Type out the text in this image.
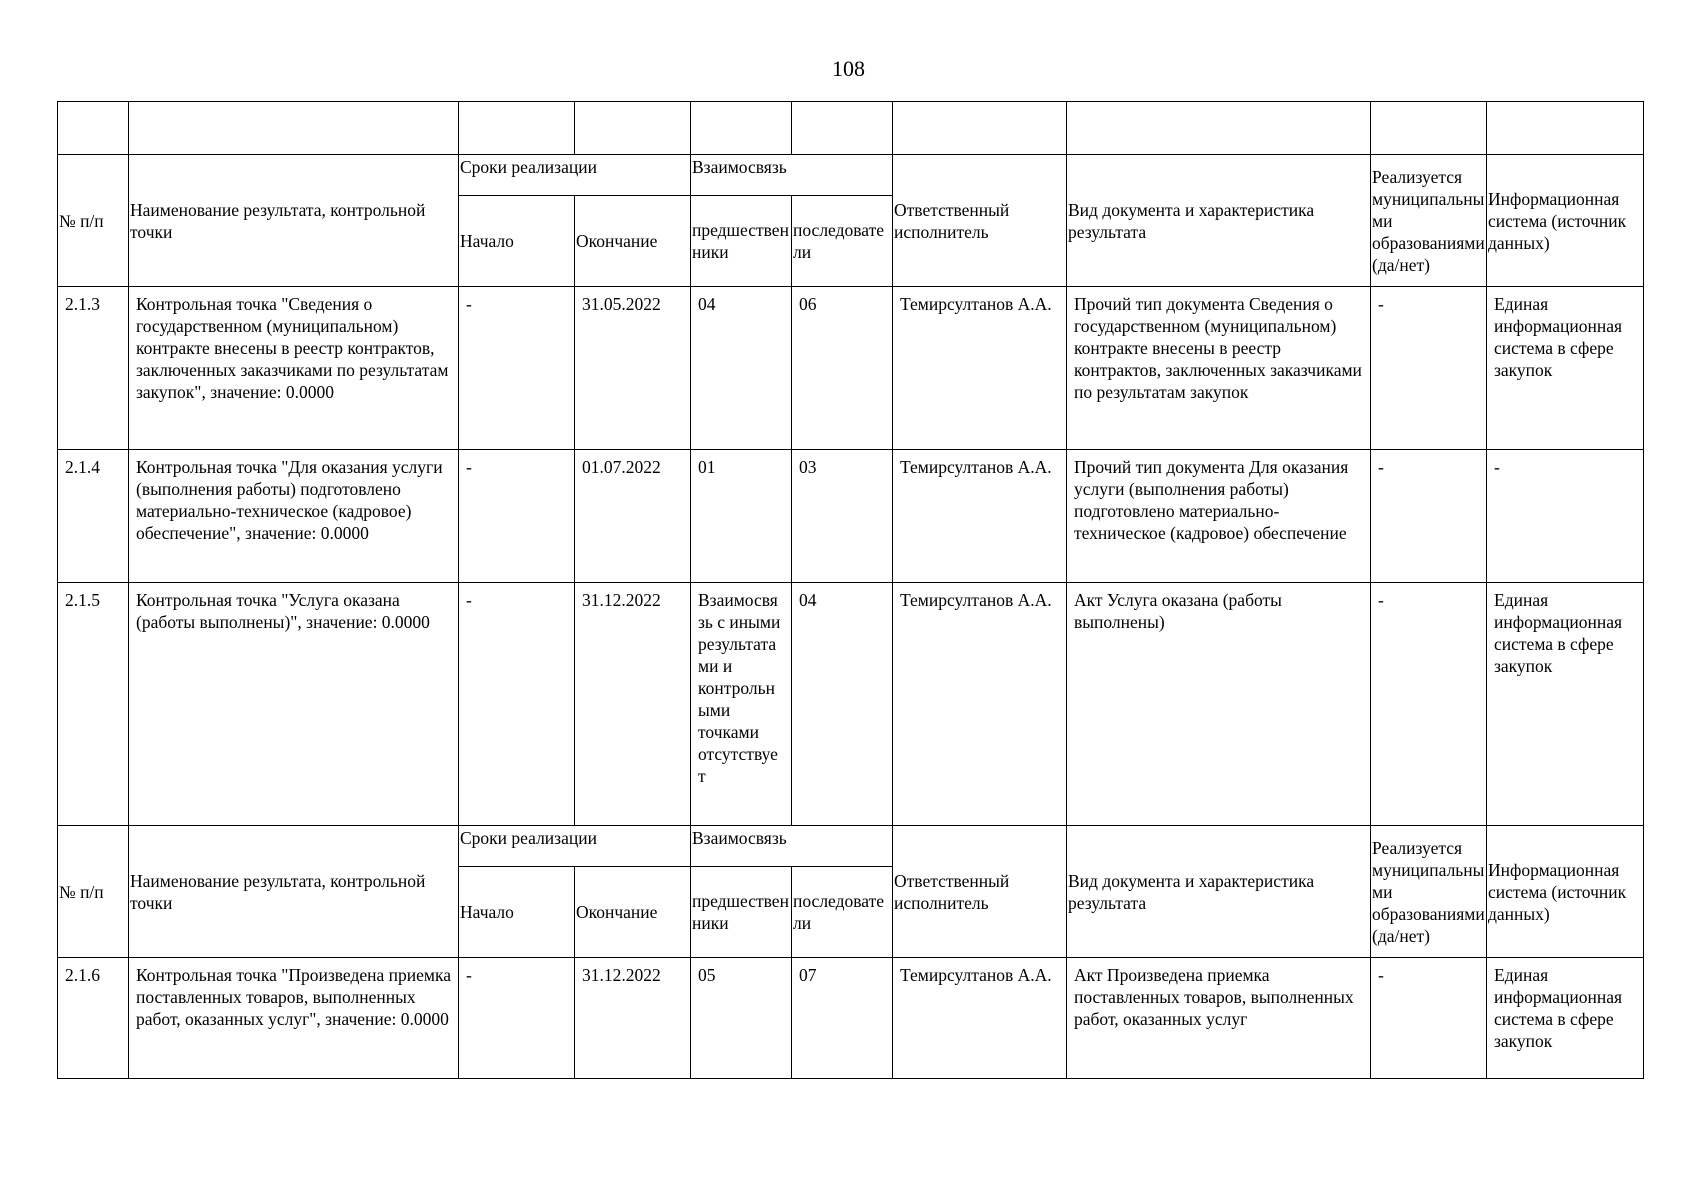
108

№ п/п	Наименование результата, контрольной точки	Сроки реализации		Взаимосвязь		Ответственный исполнитель	Вид документа и характеристика результата	Реализуется муниципальными образованиями (да/нет)	Информационная система (источник данных)
		Начало	Окончание	предшественники	последователи				
2.1.3	Контрольная точка "Сведения о государственном (муниципальном) контракте внесены в реестр контрактов, заключенных заказчиками по результатам закупок", значение: 0.0000	-	31.05.2022	04	06	Темирсултанов А.А.	Прочий тип документа Сведения о государственном (муниципальном) контракте внесены в реестр контрактов, заключенных заказчиками по результатам закупок	-	Единая информационная система в сфере закупок
2.1.4	Контрольная точка "Для оказания услуги (выполнения работы) подготовлено материально-техническое (кадровое) обеспечение", значение: 0.0000	-	01.07.2022	01	03	Темирсултанов А.А.	Прочий тип документа Для оказания услуги (выполнения работы) подготовлено материально-техническое (кадровое) обеспечение	-	-
2.1.5	Контрольная точка "Услуга оказана (работы выполнены)", значение: 0.0000	-	31.12.2022	Взаимосвязь с иными результатами и контрольными точками отсутствует	04	Темирсултанов А.А.	Акт Услуга оказана (работы выполнены)	-	Единая информационная система в сфере закупок
№ п/п	Наименование результата, контрольной точки	Сроки реализации		Взаимосвязь		Ответственный исполнитель	Вид документа и характеристика результата	Реализуется муниципальными образованиями (да/нет)	Информационная система (источник данных)
		Начало	Окончание	предшественники	последователи				
2.1.6	Контрольная точка "Произведена приемка поставленных товаров, выполненных работ, оказанных услуг", значение: 0.0000	-	31.12.2022	05	07	Темирсултанов А.А.	Акт Произведена приемка поставленных товаров, выполненных работ, оказанных услуг	-	Единая информационная система в сфере закупок
